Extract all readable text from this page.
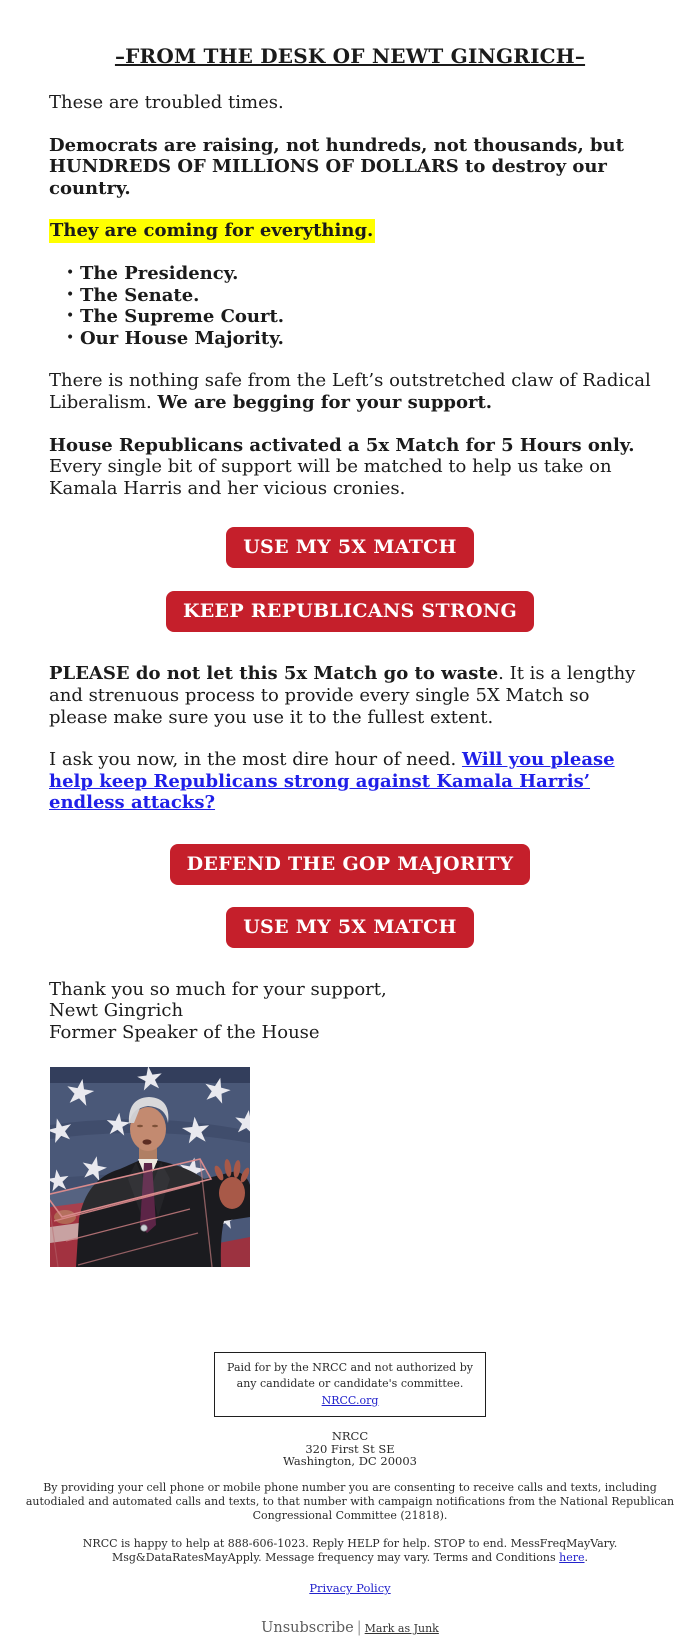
–FROM THE DESK OF NEWT GINGRICH–

These are troubled times.

Democrats are raising, not hundreds, not thousands, but HUNDREDS OF MILLIONS OF DOLLARS to destroy our country.

They are coming for everything.

• The Presidency.
• The Senate.
• The Supreme Court.
• Our House Majority.

There is nothing safe from the Left’s outstretched claw of Radical Liberalism. We are begging for your support.

House Republicans activated a 5x Match for 5 Hours only. Every single bit of support will be matched to help us take on Kamala Harris and her vicious cronies.

USE MY 5X MATCH
KEEP REPUBLICANS STRONG

PLEASE do not let this 5x Match go to waste. It is a lengthy and strenuous process to provide every single 5X Match so please make sure you use it to the fullest extent.

I ask you now, in the most dire hour of need. Will you please help keep Republicans strong against Kamala Harris’ endless attacks?

DEFEND THE GOP MAJORITY
USE MY 5X MATCH

Thank you so much for your support,
Newt Gingrich
Former Speaker of the House

Paid for by the NRCC and not authorized by any candidate or candidate's committee. NRCC.org
NRCC
320 First St SE
Washington, DC 20003

By providing your cell phone or mobile phone number you are consenting to receive calls and texts, including autodialed and automated calls and texts, to that number with campaign notifications from the National Republican Congressional Committee (21818).

NRCC is happy to help at 888-606-1023. Reply HELP for help. STOP to end. MessFreqMayVary. Msg&DataRatesMayApply. Message frequency may vary. Terms and Conditions here.

Privacy Policy

Unsubscribe | Mark as Junk
